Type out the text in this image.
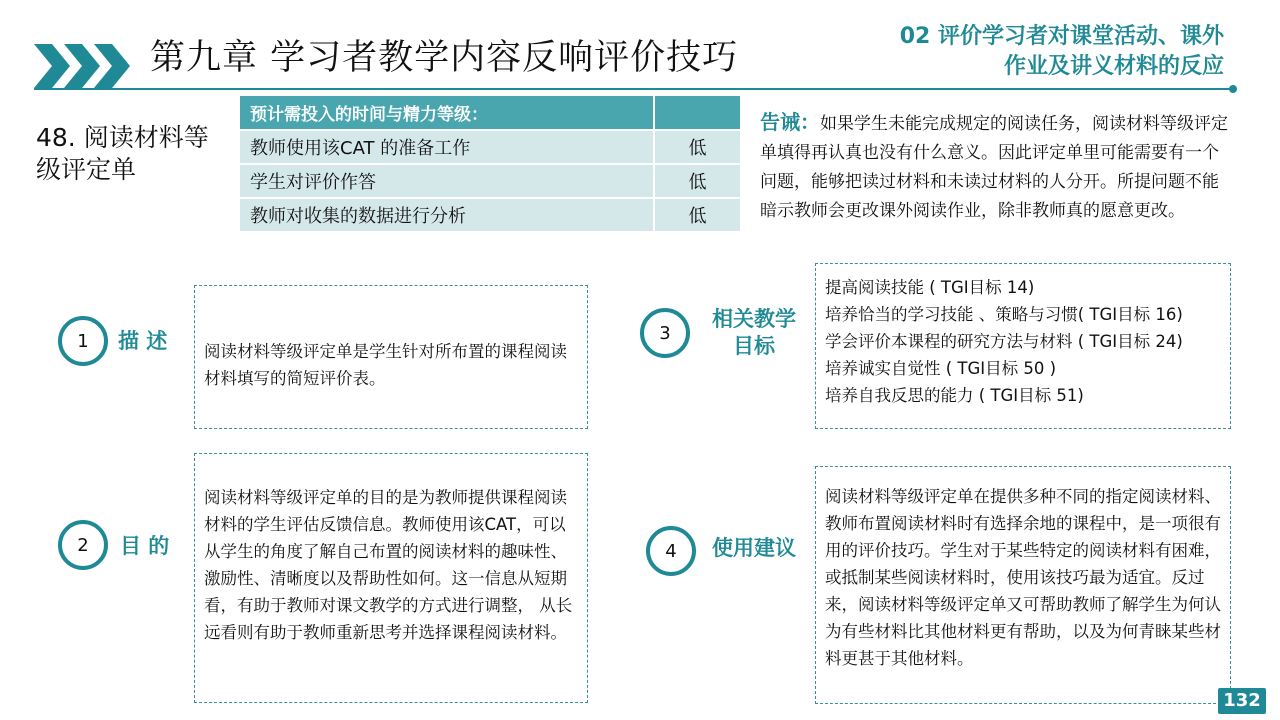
第九章 学习者教学内容反响评价技巧
02 评价学习者对课堂活动、课外
作业及讲义材料的反应
48. 阅读材料等
级评定单
预计需投入的时间与精力等级：	
教师使用该CAT 的准备工作	低
学生对评价作答	低
教师对收集的数据进行分析	低
告诫：如果学生未能完成规定的阅读任务，阅读材料等级评定单填得再认真也没有什么意义。因此评定单里可能需要有一个问题，能够把读过材料和未读过材料的人分开。所提问题不能暗示教师会更改课外阅读作业，除非教师真的愿意更改。
1	描 述 阅读材料等级评定单是学生针对所布置的课程阅读材料填写的简短评价表。
2	目 的
阅读材料等级评定单的目的是为教师提供课程阅读材料的学生评估反馈信息。教师使用该CAT，可以从学生的角度了解自己布置的阅读材料的趣味性、激励性、清晰度以及帮助性如何。这一信息从短期看，有助于教师对课文教学的方式进行调整， 从长远看则有助于教师重新思考并选择课程阅读材料。
3
相关教学
目标
提高阅读技能 ( TGI目标 14)
培养恰当的学习技能 、策略与习惯( TGI目标 16)
学会评价本课程的研究方法与材料 ( TGI目标 24)
培养诚实自觉性 ( TGI目标 50 )
培养自我反思的能力 ( TGI目标 51)
4	使用建议
阅读材料等级评定单在提供多种不同的指定阅读材料、教师布置阅读材料时有选择余地的课程中，是一项很有用的评价技巧。学生对于某些特定的阅读材料有困难，或抵制某些阅读材料时，使用该技巧最为适宜。反过来，阅读材料等级评定单又可帮助教师了解学生为何认为有些材料比其他材料更有帮助，以及为何青睐某些材料更甚于其他材料。
132
